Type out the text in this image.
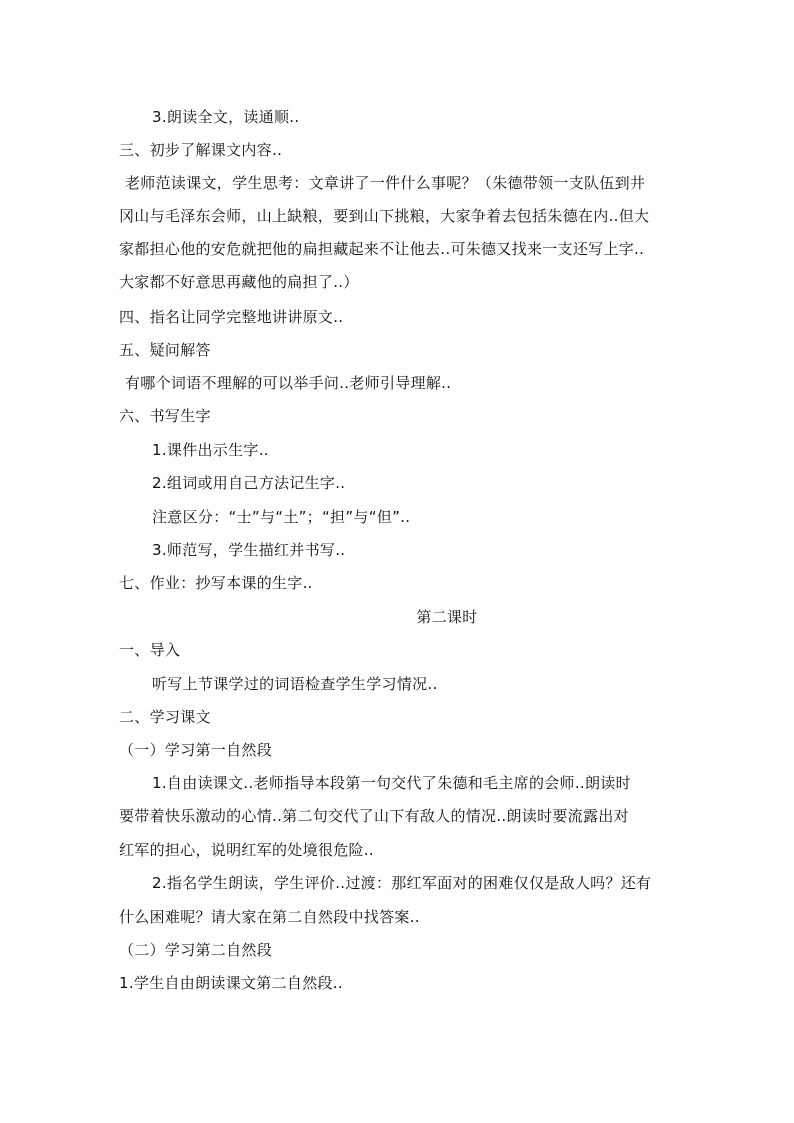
3.朗读全文，读通顺..
三、初步了解课文内容..
老师范读课文，学生思考：文章讲了一件什么事呢？（朱德带领一支队伍到井
冈山与毛泽东会师，山上缺粮，要到山下挑粮，大家争着去包括朱德在内..但大
家都担心他的安危就把他的扁担藏起来不让他去..可朱德又找来一支还写上字..
大家都不好意思再藏他的扁担了..）
四、指名让同学完整地讲讲原文..
五、疑问解答
有哪个词语不理解的可以举手问..老师引导理解..
六、书写生字
1.课件出示生字..
2.组词或用自己方法记生字..
注意区分：“士”与“土”；“担”与“但”..
3.师范写，学生描红并书写..
七、作业：抄写本课的生字..
第二课时
一、导入
听写上节课学过的词语检查学生学习情况..
二、学习课文
（一）学习第一自然段
1.自由读课文..老师指导本段第一句交代了朱德和毛主席的会师..朗读时
要带着快乐激动的心情..第二句交代了山下有敌人的情况..朗读时要流露出对
红军的担心，说明红军的处境很危险..
2.指名学生朗读，学生评价..过渡：那红军面对的困难仅仅是敌人吗？还有
什么困难呢？请大家在第二自然段中找答案..
（二）学习第二自然段
1.学生自由朗读课文第二自然段..
